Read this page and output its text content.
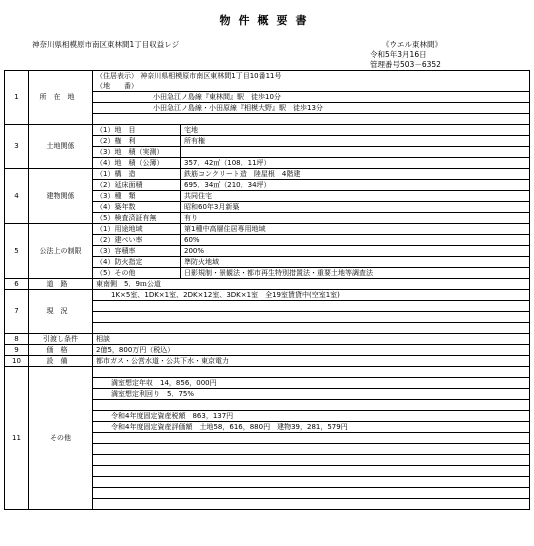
物件概要書
神奈川県相模原市南区東林間1丁目収益レジ	《ウエル東林間》
令和5年3月16日
管理番号503－6352
1	所在地	（住居表示） 神奈川県相模原市南区東林間1丁目10番11号	
		（地　　番）	
		小田急江ノ島線『東林間』駅　徒歩10分	
		小田急江ノ島線・小田原線『相模大野』駅　徒歩13分	

3	土地関係	（1）地　目	宅地
		（2）権　利	所有権
		（3）地　積（実測）	
		（4）地　積（公簿）	357．42㎡（108．11坪）
4	建物関係	（1）構　造	鉄筋コンクリート造　陸屋根　4階建
		（2）延床面積	695．34㎡（210．34坪）
		（3）種　類	共同住宅
		（4）築年数	昭和60年3月新築
		（5）検査済証有無	有り
5	公法上の制限	（1）用途地域	第1種中高層住居専用地域
		（2）建ぺい率	60%
		（3）容積率	200%
		（4）防火指定	準防火地域
		（5）その他	日影規制・景観法・都市再生特別措置法・重要土地等調査法
6	道路	東南側　5．9ｍ公道	
7	現況	1K×5室、1DK×1室、2DK×12室、3DK×1室　全19室賃貸中(空室1室)	

8	引渡し条件	相談	
9	価格	2億5，800万円（税込）	
10	設備	都市ガス・公営水道・公共下水・東京電力	
11	その他		
		満室想定年収　14，856，000円	
		満室想定利回り　5．75%	

		令和4年度固定資産税額　863，137円	
		令和4年度固定資産評価額　土地58，616，880円　建物39，281，579円	
